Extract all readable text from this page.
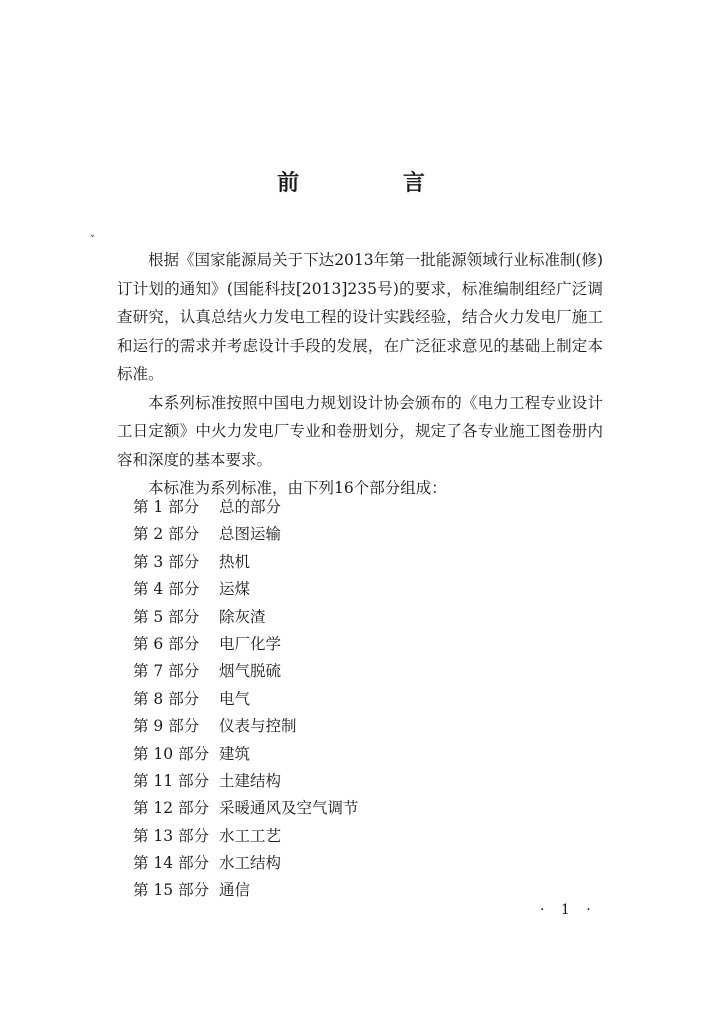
前 言
˅

根据《国家能源局关于下达2013年第一批能源领域行业标准制(修)订计划的通知》(国能科技[2013]235号)的要求，标准编制组经广泛调查研究，认真总结火力发电工程的设计实践经验，结合火力发电厂施工和运行的需求并考虑设计手段的发展，在广泛征求意见的基础上制定本标准。

本系列标准按照中国电力规划设计协会颁布的《电力工程专业设计工日定额》中火力发电厂专业和卷册划分，规定了各专业施工图卷册内容和深度的基本要求。

本标准为系列标准，由下列16个部分组成：

第 1 部分 总的部分
第 2 部分 总图运输
第 3 部分 热机
第 4 部分 运煤
第 5 部分 除灰渣
第 6 部分 电厂化学
第 7 部分 烟气脱硫
第 8 部分 电气
第 9 部分 仪表与控制
第 10 部分 建筑
第 11 部分 土建结构
第 12 部分 采暖通风及空气调节
第 13 部分 水工工艺
第 14 部分 水工结构
第 15 部分 通信
· 1 ·
